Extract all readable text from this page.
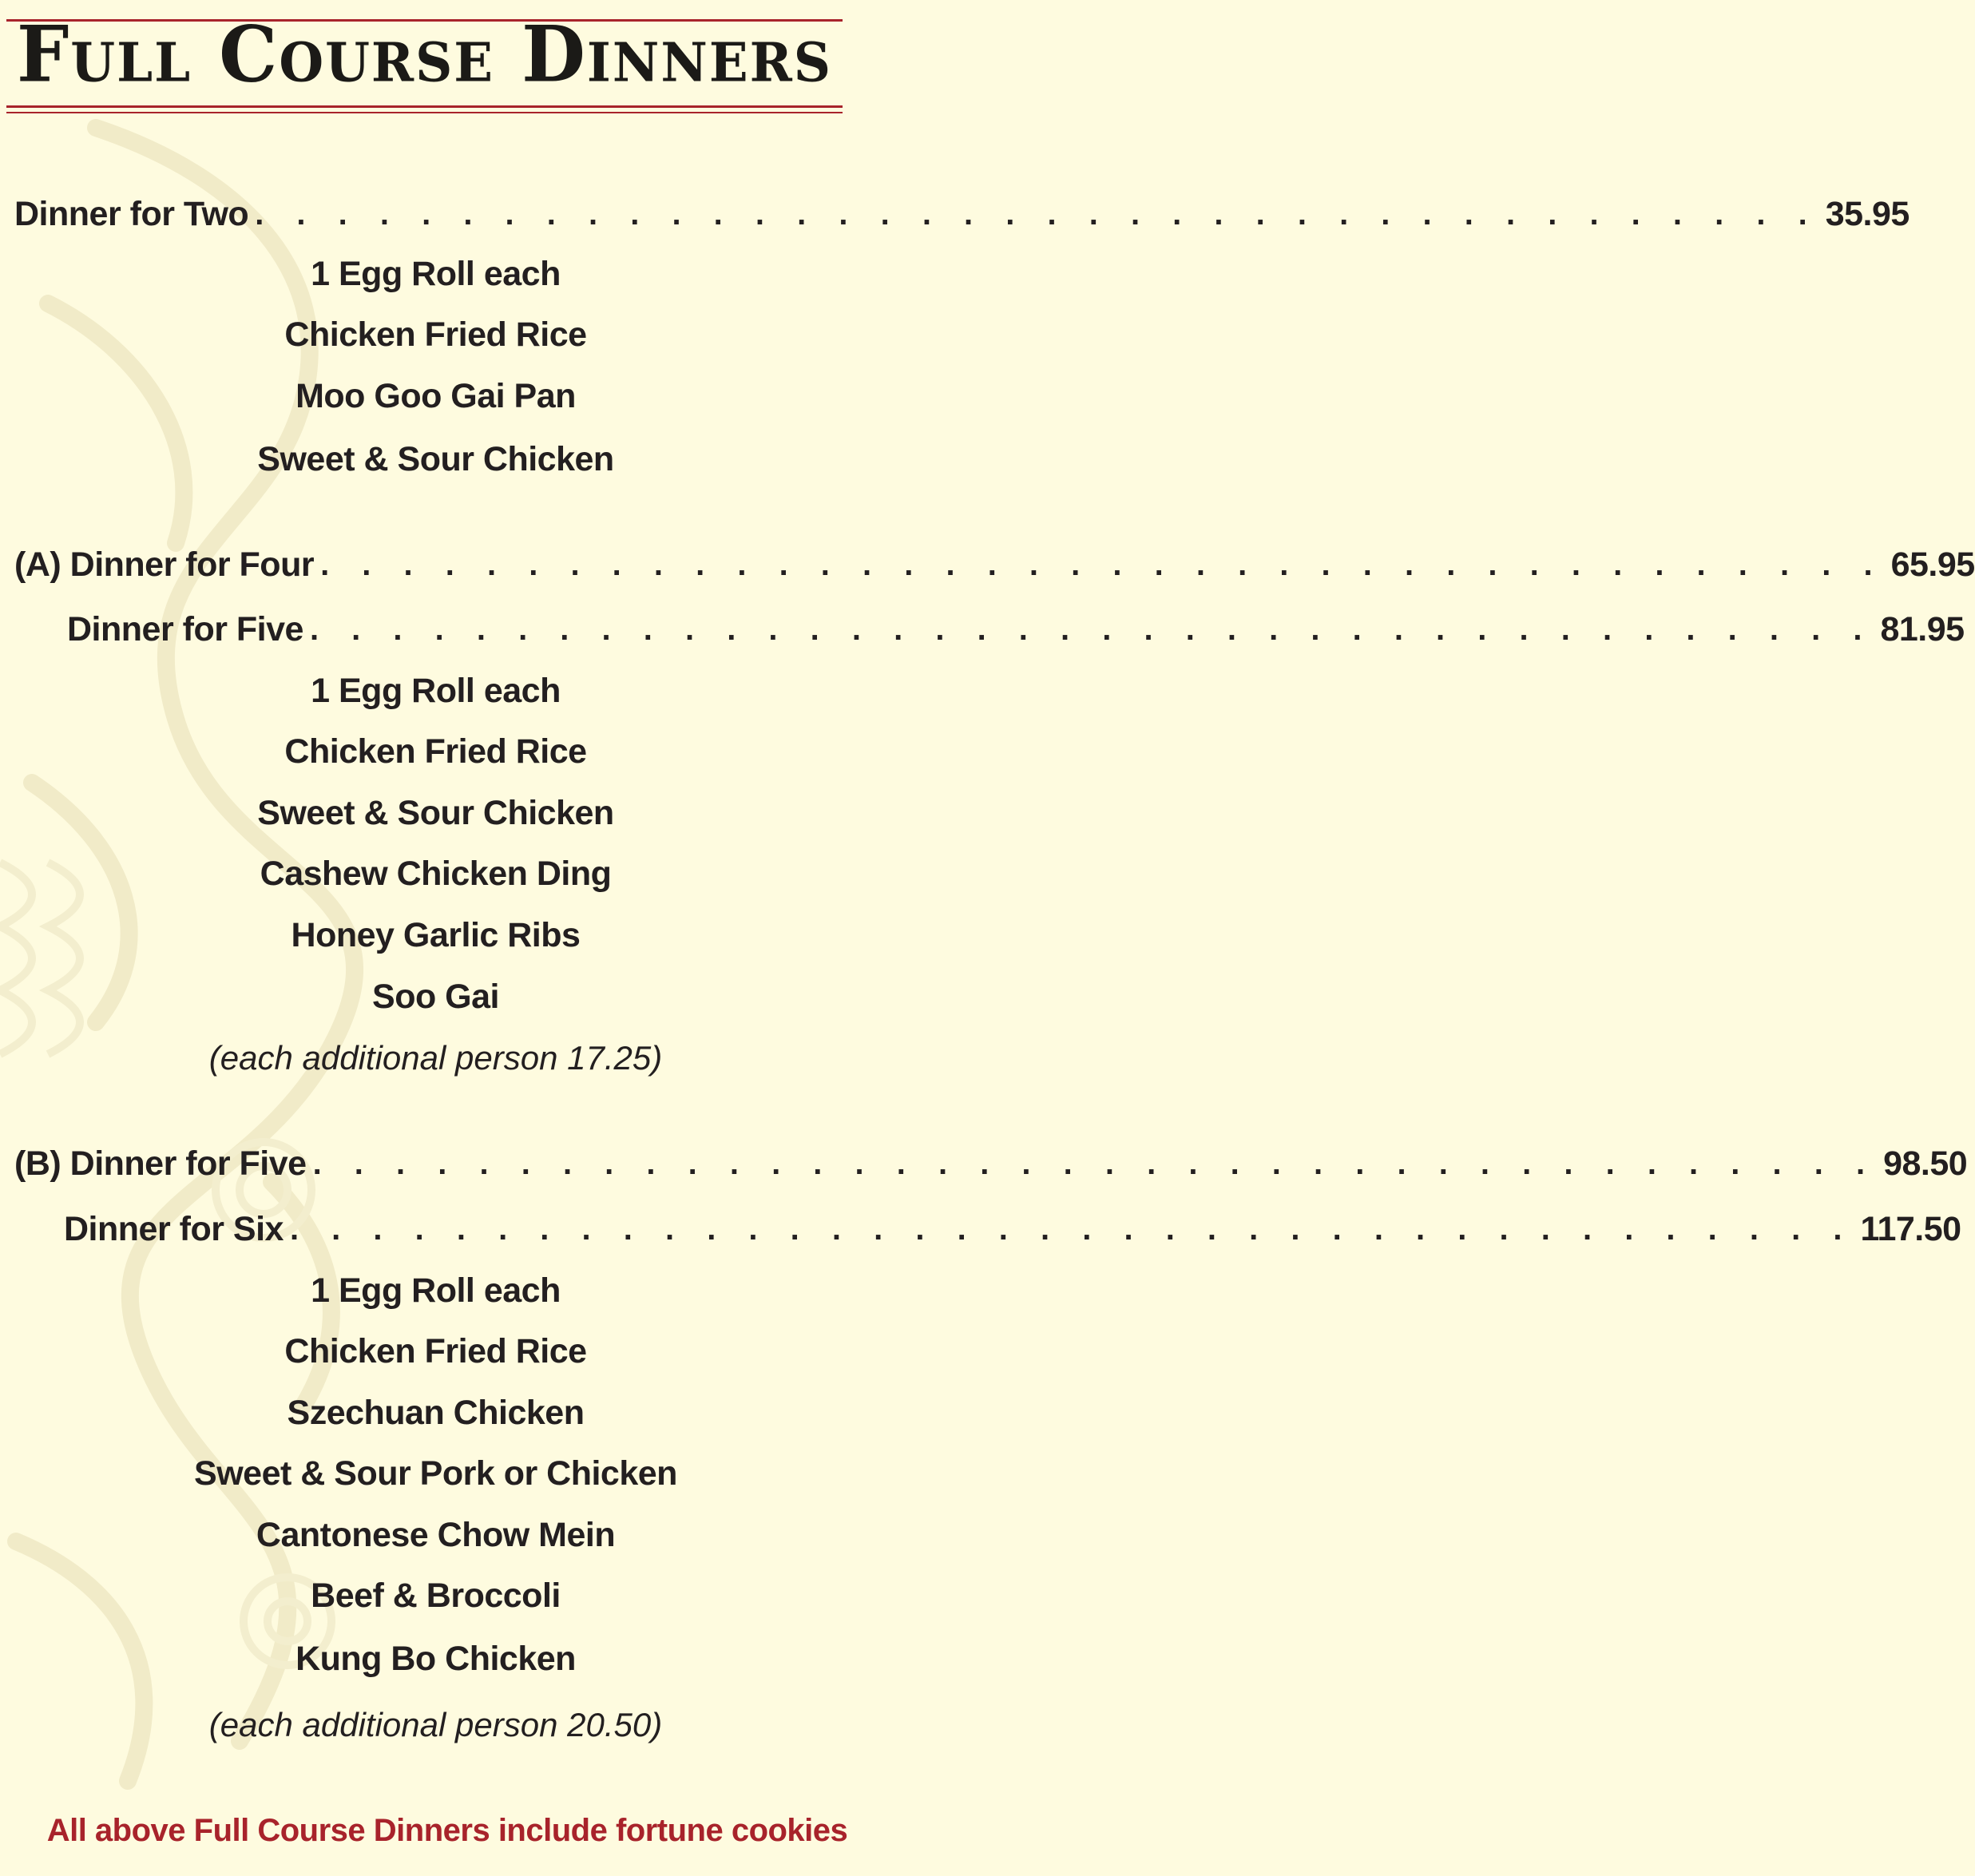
Full Course Dinners
Dinner for Two . . . . . . . . . . . . . . . . . . . . . . . . . . . . . . . . . . . . . . 35.95
1 Egg Roll each
Chicken Fried Rice
Moo Goo Gai Pan
Sweet & Sour Chicken
(A) Dinner for Four . . . . . . . . . . . . . . . . . . . . . . . . . . . . . . . . . . . . . . 65.95
Dinner for Five . . . . . . . . . . . . . . . . . . . . . . . . . . . . . . . . . . . . . . 81.95
1 Egg Roll each
Chicken Fried Rice
Sweet & Sour Chicken
Cashew Chicken Ding
Honey Garlic Ribs
Soo Gai
(each additional person 17.25)
(B) Dinner for Five . . . . . . . . . . . . . . . . . . . . . . . . . . . . . . . . . . . . . . 98.50
Dinner for Six . . . . . . . . . . . . . . . . . . . . . . . . . . . . . . . . . . . . . . 117.50
1 Egg Roll each
Chicken Fried Rice
Szechuan Chicken
Sweet & Sour Pork or Chicken
Cantonese Chow Mein
Beef & Broccoli
Kung Bo Chicken
(each additional person 20.50)
All above Full Course Dinners include fortune cookies
